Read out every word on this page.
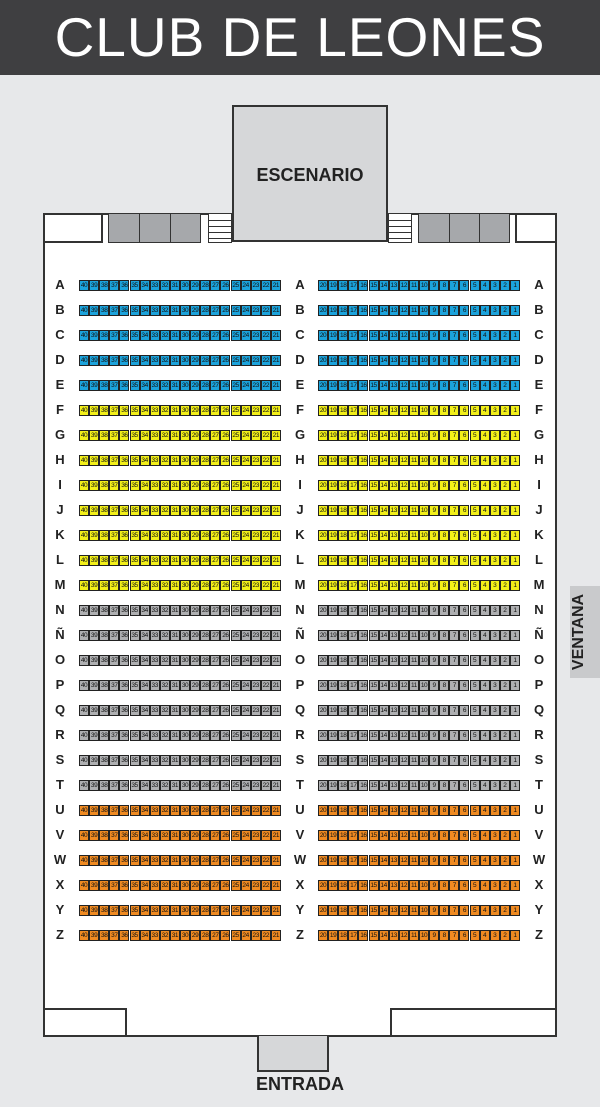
CLUB DE LEONES
VENTANA
ESCENARIO
ENTRADA
A	A	A
40 39 38 37 36 35 34 33 32 31 30 29 28 27 26 25 24 23 22 21	20 19 18 17 16 15 14 13 12 11 10 9	8	7	6	5	4	3	2	1
B	B	B
40 39 38 37 36 35 34 33 32 31 30 29 28 27 26 25 24 23 22 21	20 19 18 17 16 15 14 13 12 11 10 9	8	7	6	5	4	3	2	1
C	C	C
40 39 38 37 36 35 34 33 32 31 30 29 28 27 26 25 24 23 22 21	20 19 18 17 16 15 14 13 12 11 10 9	8	7	6	5	4	3	2	1
D	D	D
40 39 38 37 36 35 34 33 32 31 30 29 28 27 26 25 24 23 22 21	20 19 18 17 16 15 14 13 12 11 10 9	8	7	6	5	4	3	2	1
E	E	E
40 39 38 37 36 35 34 33 32 31 30 29 28 27 26 25 24 23 22 21	20 19 18 17 16 15 14 13 12 11 10 9	8	7	6	5	4	3	2	1
F	F	F
40 39 38 37 36 35 34 33 32 31 30 29 28 27 26 25 24 23 22 21	20 19 18 17 16 15 14 13 12 11 10 9	8	7	6	5	4	3	2	1
G	G	G
40 39 38 37 36 35 34 33 32 31 30 29 28 27 26 25 24 23 22 21	20 19 18 17 16 15 14 13 12 11 10 9	8	7	6	5	4	3	2	1
H	H	H
40 39 38 37 36 35 34 33 32 31 30 29 28 27 26 25 24 23 22 21	20 19 18 17 16 15 14 13 12 11 10 9	8	7	6	5	4	3	2	1
I	I	I
40 39 38 37 36 35 34 33 32 31 30 29 28 27 26 25 24 23 22 21	20 19 18 17 16 15 14 13 12 11 10 9	8	7	6	5	4	3	2	1
J	J	J
40 39 38 37 36 35 34 33 32 31 30 29 28 27 26 25 24 23 22 21	20 19 18 17 16 15 14 13 12 11 10 9	8	7	6	5	4	3	2	1
K	K	K
40 39 38 37 36 35 34 33 32 31 30 29 28 27 26 25 24 23 22 21	20 19 18 17 16 15 14 13 12 11 10 9	8	7	6	5	4	3	2	1
L	L	L
40 39 38 37 36 35 34 33 32 31 30 29 28 27 26 25 24 23 22 21	20 19 18 17 16 15 14 13 12 11 10 9	8	7	6	5	4	3	2	1
M	M	M
40 39 38 37 36 35 34 33 32 31 30 29 28 27 26 25 24 23 22 21	20 19 18 17 16 15 14 13 12 11 10 9	8	7	6	5	4	3	2	1
N	N	N
40 39 38 37 36 35 34 33 32 31 30 29 28 27 26 25 24 23 22 21	20 19 18 17 16 15 14 13 12 11 10 9	8	7	6	5	4	3	2	1
Ñ	Ñ	Ñ
40 39 38 37 36 35 34 33 32 31 30 29 28 27 26 25 24 23 22 21	20 19 18 17 16 15 14 13 12 11 10 9	8	7	6	5	4	3	2	1
O	O	O
40 39 38 37 36 35 34 33 32 31 30 29 28 27 26 25 24 23 22 21	20 19 18 17 16 15 14 13 12 11 10 9	8	7	6	5	4	3	2	1
P	P	P
40 39 38 37 36 35 34 33 32 31 30 29 28 27 26 25 24 23 22 21	20 19 18 17 16 15 14 13 12 11 10 9	8	7	6	5	4	3	2	1
Q	Q	Q
40 39 38 37 36 35 34 33 32 31 30 29 28 27 26 25 24 23 22 21	20 19 18 17 16 15 14 13 12 11 10 9	8	7	6	5	4	3	2	1
R	R	R
40 39 38 37 36 35 34 33 32 31 30 29 28 27 26 25 24 23 22 21	20 19 18 17 16 15 14 13 12 11 10 9	8	7	6	5	4	3	2	1
S	S	S
40 39 38 37 36 35 34 33 32 31 30 29 28 27 26 25 24 23 22 21	20 19 18 17 16 15 14 13 12 11 10 9	8	7	6	5	4	3	2	1
T	T	T
40 39 38 37 36 35 34 33 32 31 30 29 28 27 26 25 24 23 22 21	20 19 18 17 16 15 14 13 12 11 10 9	8	7	6	5	4	3	2	1
U	U	U
40 39 38 37 36 35 34 33 32 31 30 29 28 27 26 25 24 23 22 21	20 19 18 17 16 15 14 13 12 11 10 9	8	7	6	5	4	3	2	1
V	V	V
40 39 38 37 36 35 34 33 32 31 30 29 28 27 26 25 24 23 22 21	20 19 18 17 16 15 14 13 12 11 10 9	8	7	6	5	4	3	2	1
W	W	W
40 39 38 37 36 35 34 33 32 31 30 29 28 27 26 25 24 23 22 21	20 19 18 17 16 15 14 13 12 11 10 9	8	7	6	5	4	3	2	1
X	X	X
40 39 38 37 36 35 34 33 32 31 30 29 28 27 26 25 24 23 22 21	20 19 18 17 16 15 14 13 12 11 10 9	8	7	6	5	4	3	2	1
Y	Y	Y
40 39 38 37 36 35 34 33 32 31 30 29 28 27 26 25 24 23 22 21	20 19 18 17 16 15 14 13 12 11 10 9	8	7	6	5	4	3	2	1
Z	Z	Z
40 39 38 37 36 35 34 33 32 31 30 29 28 27 26 25 24 23 22 21	20 19 18 17 16 15 14 13 12 11 10 9	8	7	6	5	4	3	2	1
